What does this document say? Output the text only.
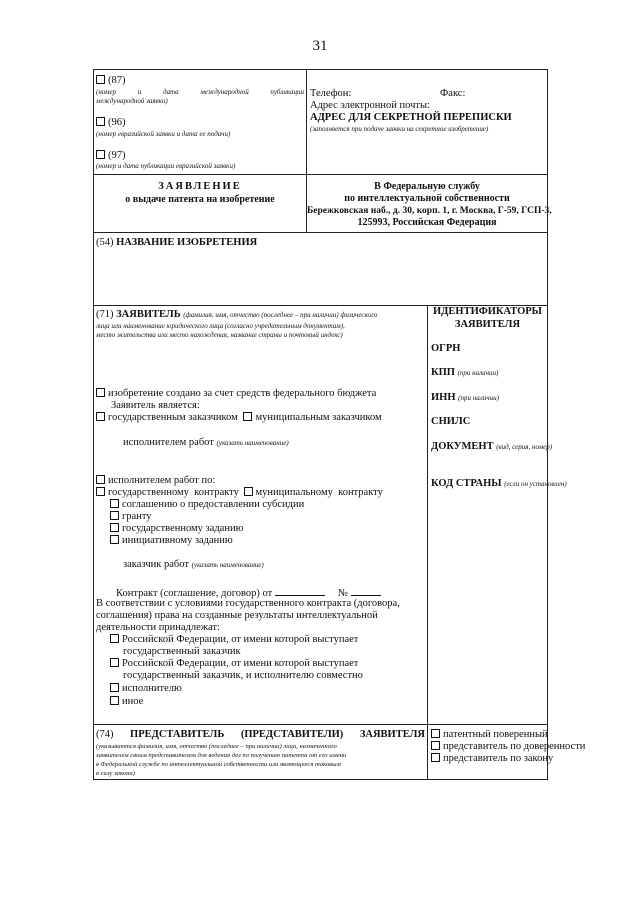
31
(87)
(номер	и	дата	международной	публикации
международной заявки)
(96)
(номер евразийской заявки и дата ее подачи)
(97)
(номер и дата публикации евразийской заявки)
Телефон:	Факс:
Адрес электронной почты:
АДРЕС ДЛЯ СЕКРЕТНОЙ ПЕРЕПИСКИ
(заполняется при подаче заявки на секретное изобретение)
ЗАЯВЛЕНИЕ
о выдаче патента на изобретение
В Федеральную службу
по интеллектуальной собственности
Бережковская наб., д. 30, корп. 1, г. Москва, Г-59, ГСП-3,
125993, Российская Федерация
(54) НАЗВАНИЕ ИЗОБРЕТЕНИЯ
(71) ЗАЯВИТЕЛЬ (фамилия, имя, отчество (последнее – при наличии) физического
лица или наименование юридического лица (согласно учредительным документам),
место жительства или место нахождения, название страны и почтовый индекс)
изобретение создано за счет средств федерального бюджета
Заявитель является:
государственным заказчиком муниципальным заказчиком
исполнителем работ (указать наименование)
исполнителем работ по:
государственному контракту муниципальному контракту
соглашению о предоставлении субсидии
гранту
государственному заданию
инициативному заданию
заказчик работ (указать наименование)
Контракт (соглашение, договор) от	№
В соответствии с условиями государственного контракта (договора,
соглашения) права на созданные результаты интеллектуальной
деятельности принадлежат:
Российской Федерации, от имени которой выступает
государственный заказчик
Российской Федерации, от имени которой выступает
государственный заказчик, и исполнителю совместно
исполнителю
иное
ИДЕНТИФИКАТОРЫ
ЗАЯВИТЕЛЯ
ОГРН
КПП (при наличии)
ИНН (при наличии)
СНИЛС
ДОКУМЕНТ (вид, серия, номер)
КОД СТРАНЫ (если он установлен)
(74) ПРЕДСТАВИТЕЛЬ (ПРЕДСТАВИТЕЛИ) ЗАЯВИТЕЛЯ
(указываются фамилия, имя, отчество (последнее – при наличии) лица, назначенного
заявителем своим представителем для ведения дел по получению патента от его имени
в Федеральной службе по интеллектуальной собственности или являющееся таковым
в силу закона)
патентный поверенный
представитель по доверенности
представитель по закону
